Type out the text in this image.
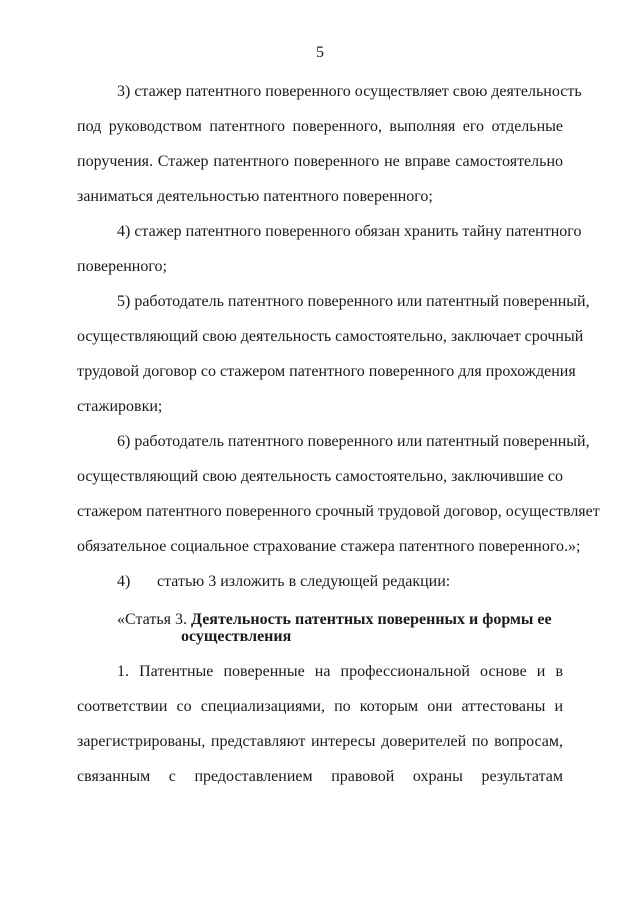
5
3) стажер патентного поверенного осуществляет свою деятельность
под руководством патентного поверенного, выполняя его отдельные
поручения. Стажер патентного поверенного не вправе самостоятельно
заниматься деятельностью патентного поверенного;
4) стажер патентного поверенного обязан хранить тайну патентного
поверенного;
5) работодатель патентного поверенного или патентный поверенный,
осуществляющий свою деятельность самостоятельно, заключает срочный
трудовой договор со стажером патентного поверенного для прохождения
стажировки;
6) работодатель патентного поверенного или патентный поверенный,
осуществляющий свою деятельность самостоятельно, заключившие со
стажером патентного поверенного срочный трудовой договор, осуществляет
обязательное социальное страхование стажера патентного поверенного.»;
4) статью 3 изложить в следующей редакции:
«Статья 3. Деятельность патентных поверенных и формы ее
осуществления
1. Патентные поверенные на профессиональной основе и в
соответствии со специализациями, по которым они аттестованы и
зарегистрированы, представляют интересы доверителей по вопросам,
связанным с предоставлением правовой охраны результатам
